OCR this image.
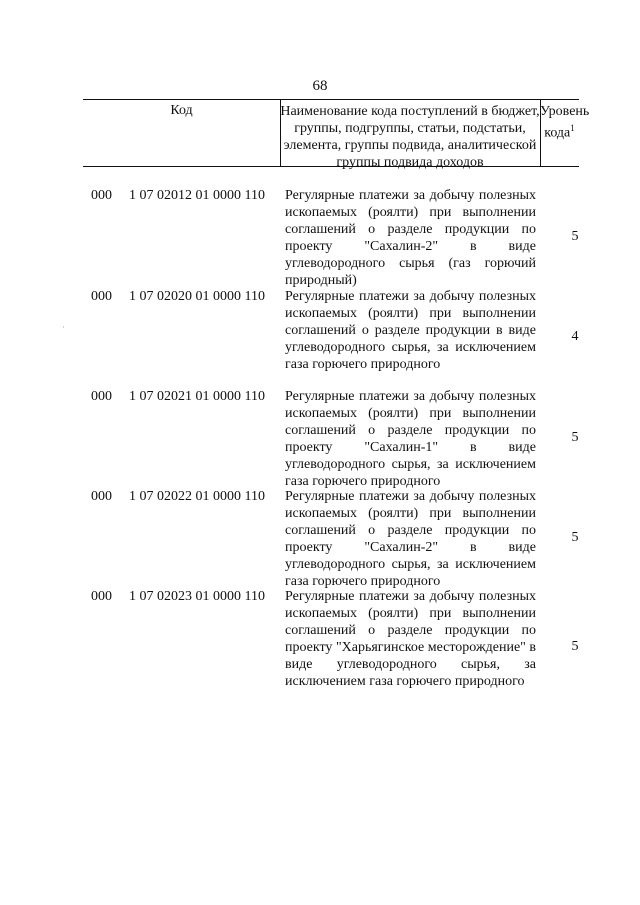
68
Код	Наименование кода поступлений в бюджет, группы, подгруппы, статьи, подстатьи, элемента, группы подвида, аналитической группы подвида доходов
Уровень кода$^1$
·
000 1 07 02012 01 0000 110 Регулярные платежи за добычу полезных ископаемых (роялти) при выполнении соглашений о разделе продукции по проекту "Сахалин-2" в виде углеводородного сырья (газ горючий природный)
5
000 1 07 02020 01 0000 110 Регулярные платежи за добычу полезных ископаемых (роялти) при выполнении соглашений о разделе продукции в виде углеводородного сырья, за исключением газа горючего природного
4
000 1 07 02021 01 0000 110 Регулярные платежи за добычу полезных ископаемых (роялти) при выполнении соглашений о разделе продукции по проекту "Сахалин-1" в виде углеводородного сырья, за исключением газа горючего природного
5
000 1 07 02022 01 0000 110 Регулярные платежи за добычу полезных ископаемых (роялти) при выполнении соглашений о разделе продукции по проекту "Сахалин-2" в виде углеводородного сырья, за исключением газа горючего природного
5
000 1 07 02023 01 0000 110 Регулярные платежи за добычу полезных ископаемых (роялти) при выполнении соглашений о разделе продукции по проекту "Харьягинское месторождение" в виде углеводородного сырья, за исключением газа горючего природного
5
